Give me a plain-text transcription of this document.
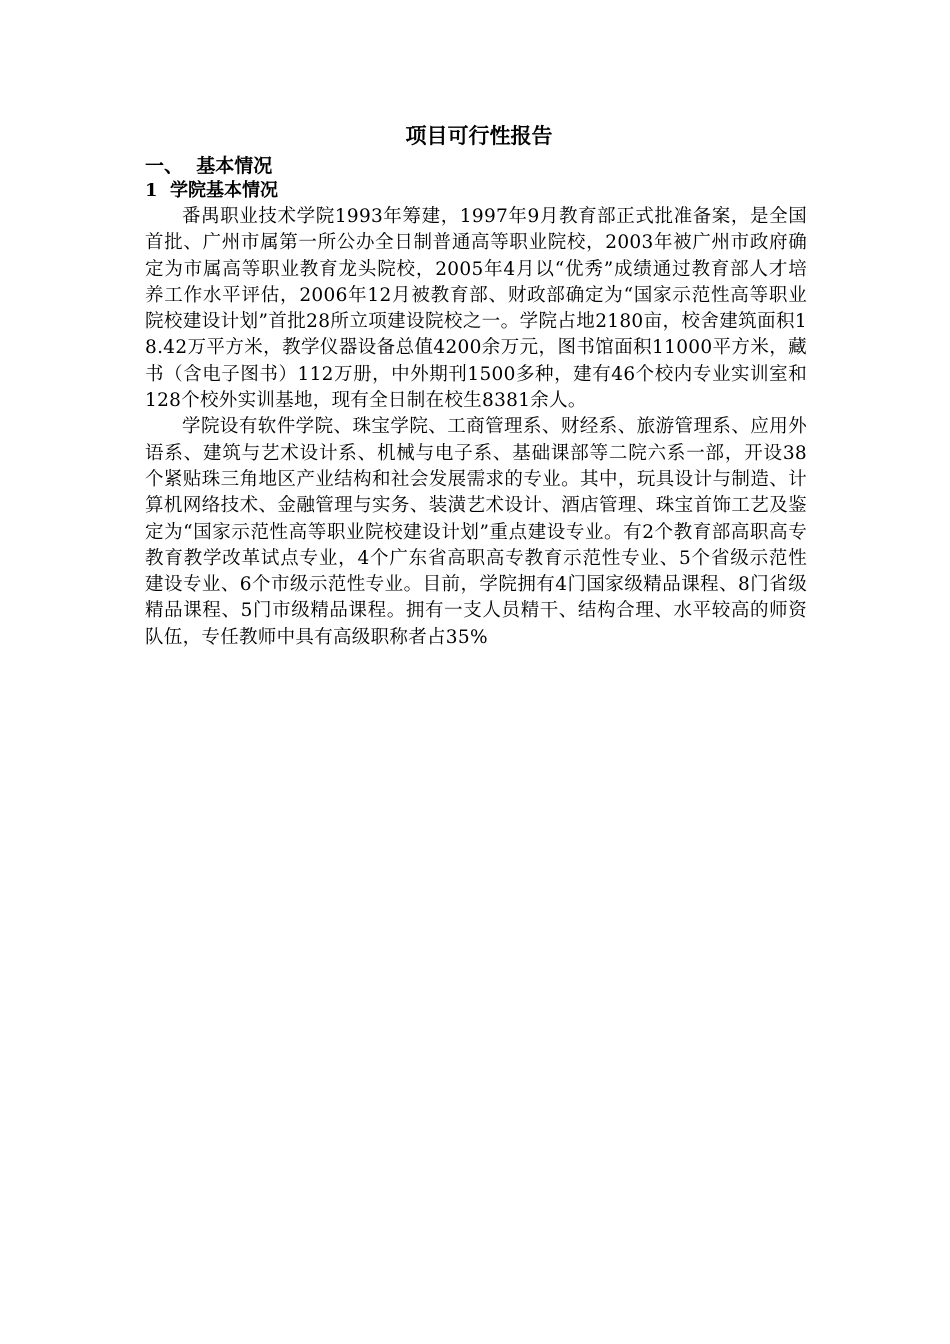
项目可行性报告
一、  基本情况
1  学院基本情况

番禺职业技术学院1993年筹建，1997年9月教育部正式批准备案，是全国首批、广州市属第一所公办全日制普通高等职业院校，2003年被广州市政府确定为市属高等职业教育龙头院校，2005年4月以“优秀”成绩通过教育部人才培养工作水平评估，2006年12月被教育部、财政部确定为“国家示范性高等职业院校建设计划”首批28所立项建设院校之一。学院占地2180亩，校舍建筑面积18.42万平方米，教学仪器设备总值4200余万元，图书馆面积11000平方米，藏书（含电子图书）112万册，中外期刊1500多种，建有46个校内专业实训室和128个校外实训基地，现有全日制在校生8381余人。

学院设有软件学院、珠宝学院、工商管理系、财经系、旅游管理系、应用外语系、建筑与艺术设计系、机械与电子系、基础课部等二院六系一部，开设38个紧贴珠三角地区产业结构和社会发展需求的专业。其中，玩具设计与制造、计算机网络技术、金融管理与实务、装潢艺术设计、酒店管理、珠宝首饰工艺及鉴定为“国家示范性高等职业院校建设计划”重点建设专业。有2个教育部高职高专教育教学改革试点专业，4个广东省高职高专教育示范性专业、5个省级示范性建设专业、6个市级示范性专业。目前，学院拥有4门国家级精品课程、8门省级精品课程、5门市级精品课程。拥有一支人员精干、结构合理、水平较高的师资队伍，专任教师中具有高级职称者占35%
